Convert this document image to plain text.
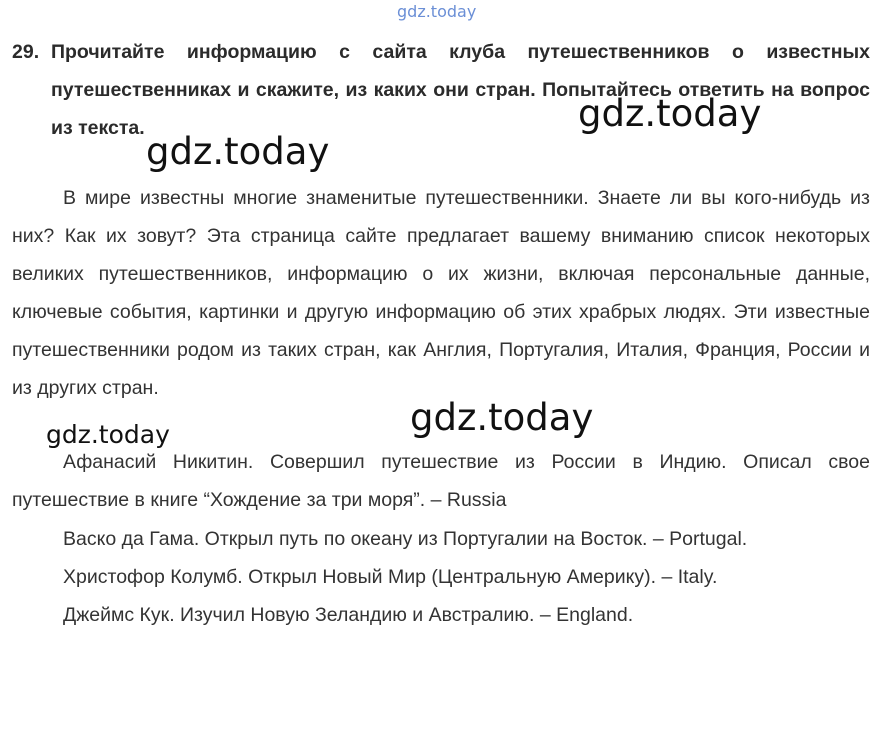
gdz.today
29. Прочитайте информацию с сайта клуба путешественников о известных путешественниках и скажите, из каких они стран. Попытайтесь ответить на вопрос из текста.	gdz.today
gdz.today
В мире известны многие знаменитые путешественники. Знаете ли вы кого-нибудь из них? Как их зовут? Эта страница сайте предлагает вашему вниманию список некоторых великих путешественников, информацию о их жизни, включая персональные данные, ключевые события, картинки и другую информацию об этих храбрых людях. Эти известные путешественники родом из таких стран, как Англия, Португалия, Италия, Франция, России и из других стран.
gdz.today
gdz.today
Афанасий Никитин. Совершил путешествие из России в Индию. Описал свое путешествие в книге “Хождение за три моря”. – Russia
Васко да Гама. Открыл путь по океану из Португалии на Восток. – Portugal.
Христофор Колумб. Открыл Новый Мир (Центральную Америку). – Italy.
Джеймс Кук. Изучил Новую Зеландию и Австралию. – England.
